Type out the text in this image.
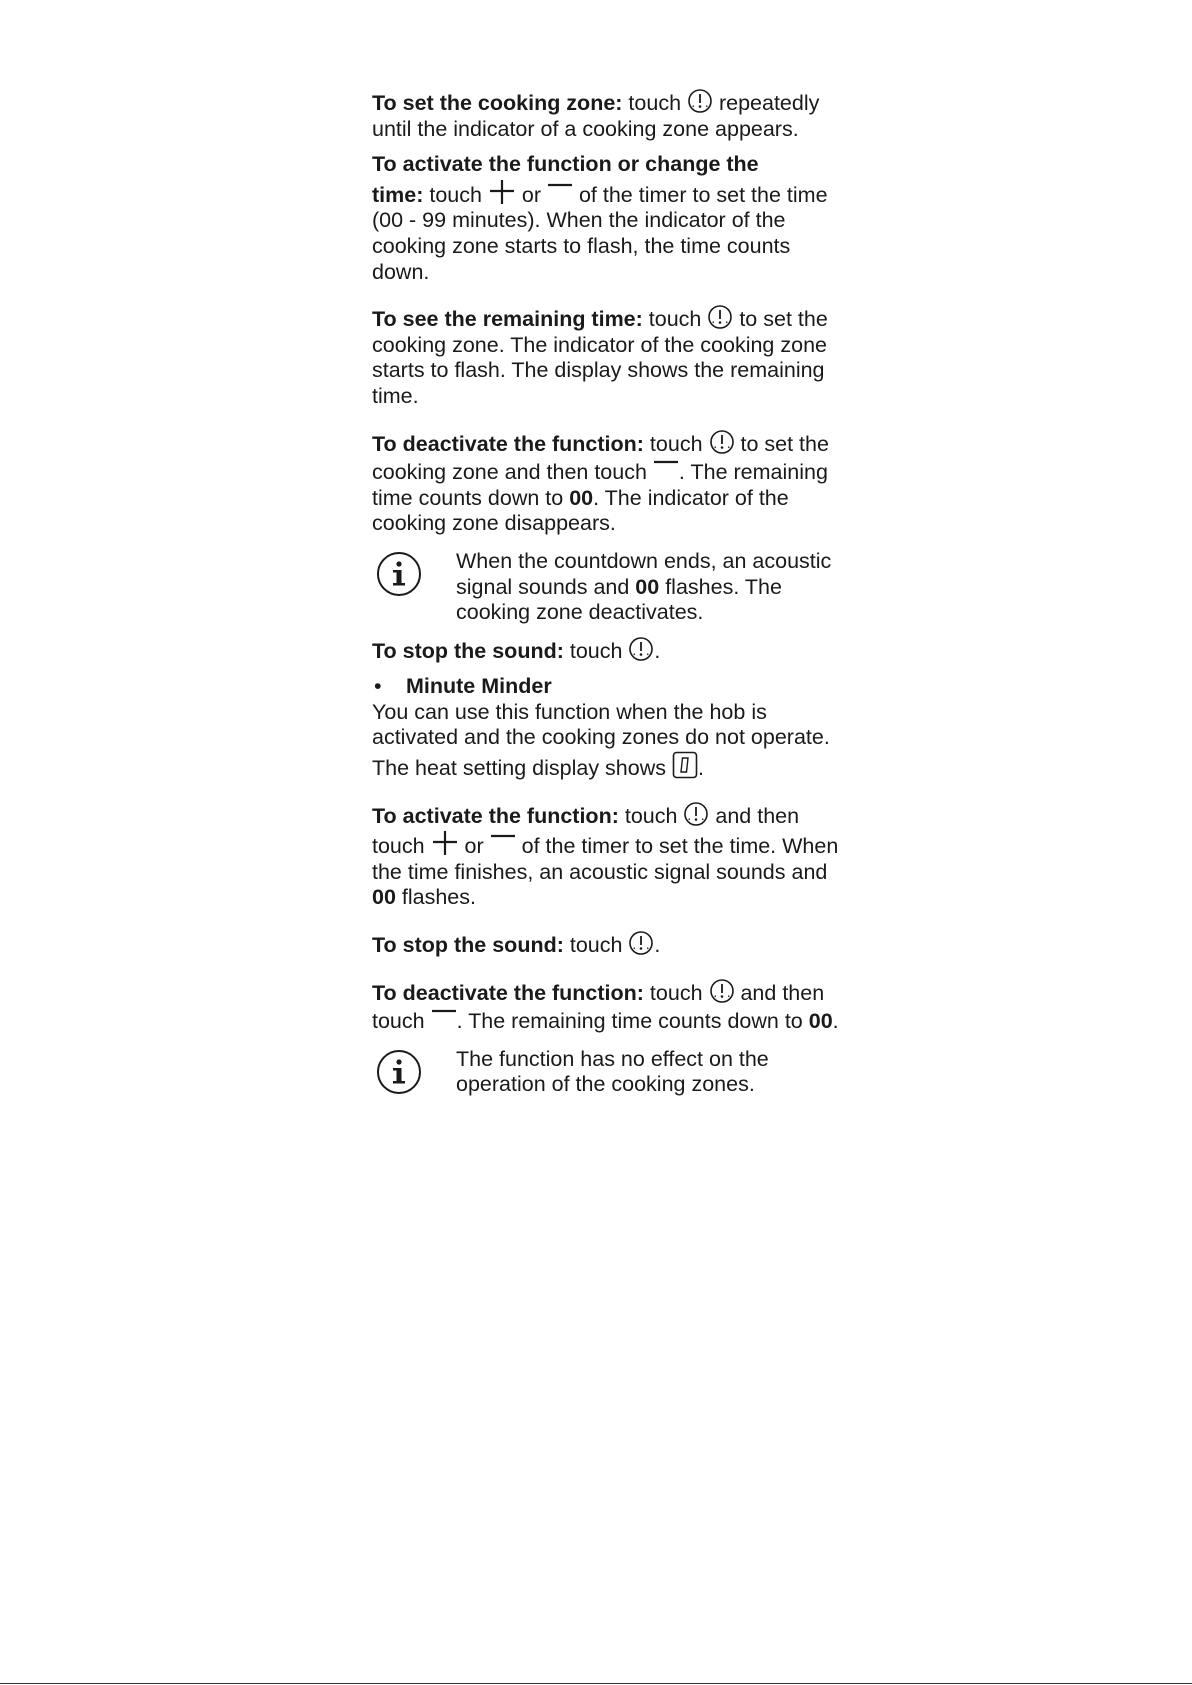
To set the cooking zone: touch  repeatedly until the indicator of a cooking zone appears.

To activate the function or change the
time: touch  or  of the timer to set the time (00 - 99 minutes). When the indicator of the cooking zone starts to flash, the time counts down.

To see the remaining time: touch  to set the cooking zone. The indicator of the cooking zone starts to flash. The display shows the remaining time.

To deactivate the function: touch  to set the cooking zone and then touch . The remaining time counts down to 00. The indicator of the cooking zone disappears.

When the countdown ends, an acoustic signal sounds and 00 flashes. The cooking zone deactivates.

To stop the sound: touch .

• Minute Minder

You can use this function when the hob is activated and the cooking zones do not operate. The heat setting display shows .

To activate the function: touch  and then touch  or  of the timer to set the time. When the time finishes, an acoustic signal sounds and 00 flashes.

To stop the sound: touch .

To deactivate the function: touch  and then touch . The remaining time counts down to 00.

The function has no effect on the operation of the cooking zones.
